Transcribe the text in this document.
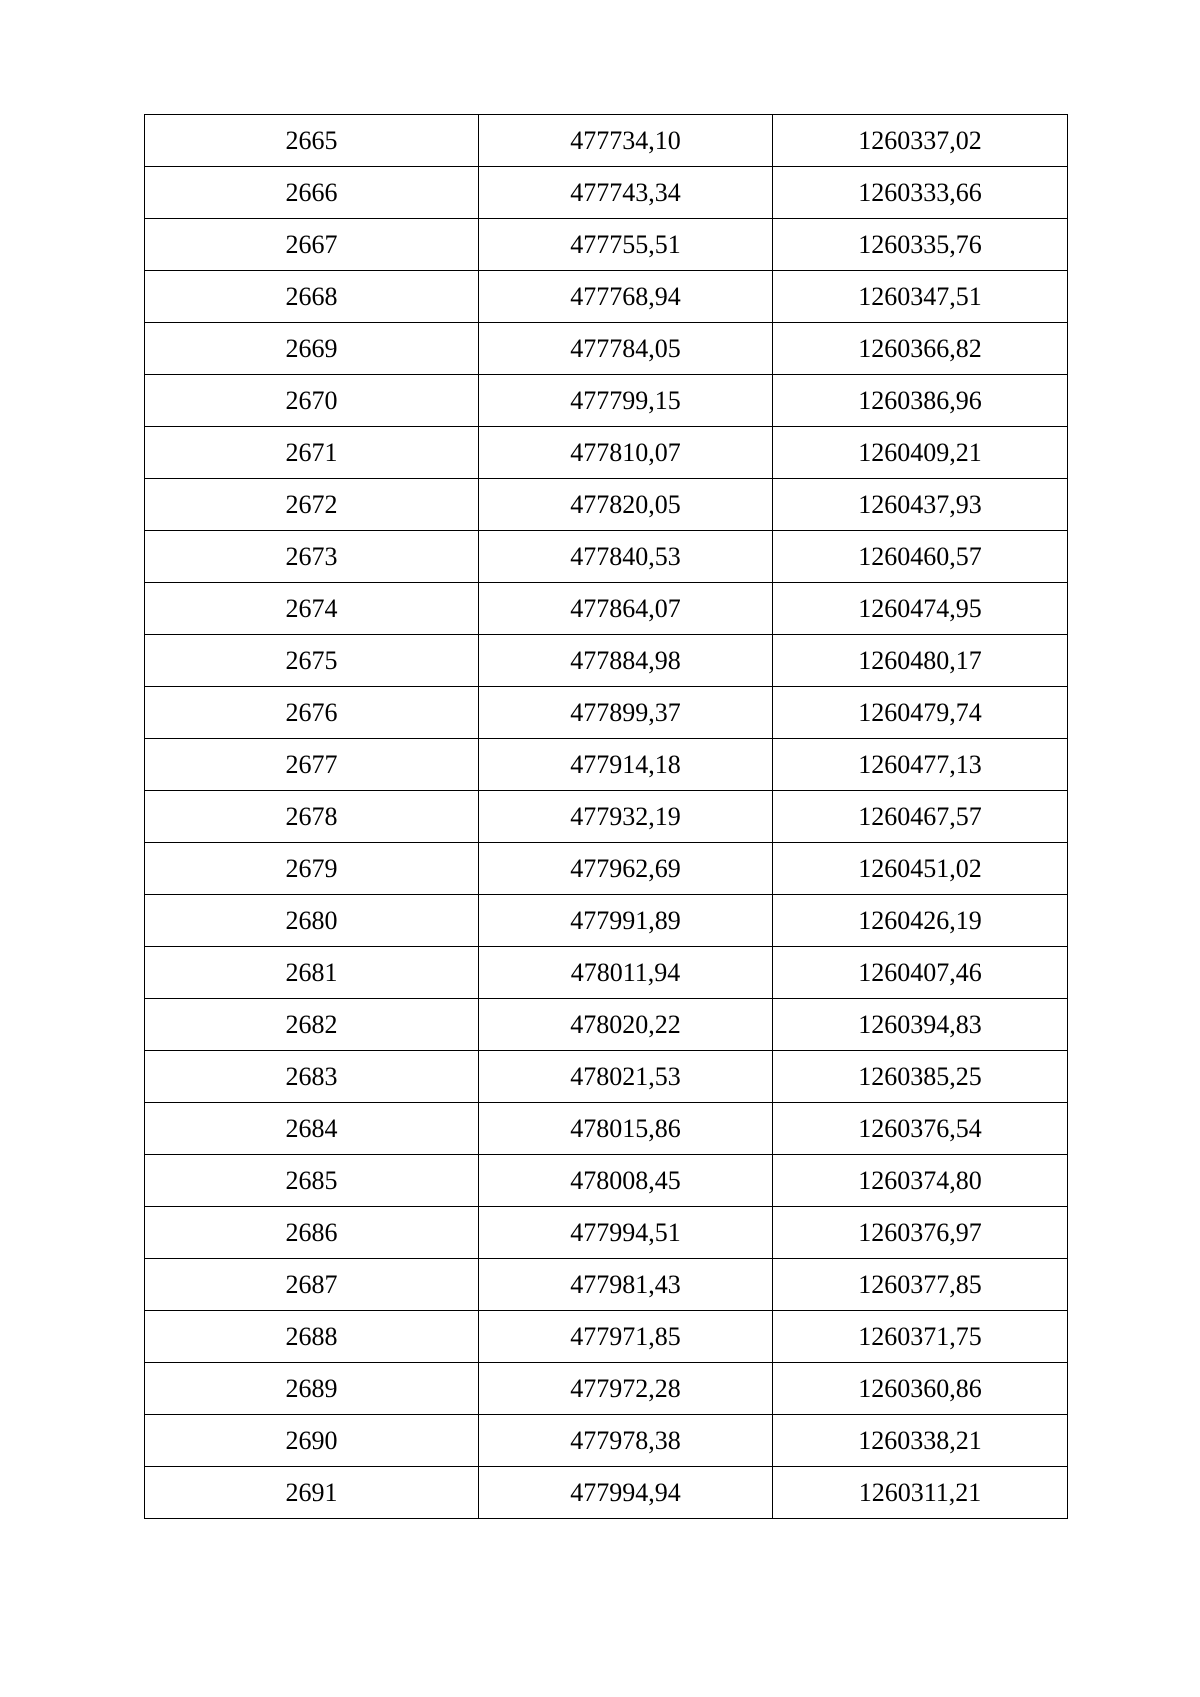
2665	477734,10	1260337,02
2666	477743,34	1260333,66
2667	477755,51	1260335,76
2668	477768,94	1260347,51
2669	477784,05	1260366,82
2670	477799,15	1260386,96
2671	477810,07	1260409,21
2672	477820,05	1260437,93
2673	477840,53	1260460,57
2674	477864,07	1260474,95
2675	477884,98	1260480,17
2676	477899,37	1260479,74
2677	477914,18	1260477,13
2678	477932,19	1260467,57
2679	477962,69	1260451,02
2680	477991,89	1260426,19
2681	478011,94	1260407,46
2682	478020,22	1260394,83
2683	478021,53	1260385,25
2684	478015,86	1260376,54
2685	478008,45	1260374,80
2686	477994,51	1260376,97
2687	477981,43	1260377,85
2688	477971,85	1260371,75
2689	477972,28	1260360,86
2690	477978,38	1260338,21
2691	477994,94	1260311,21
